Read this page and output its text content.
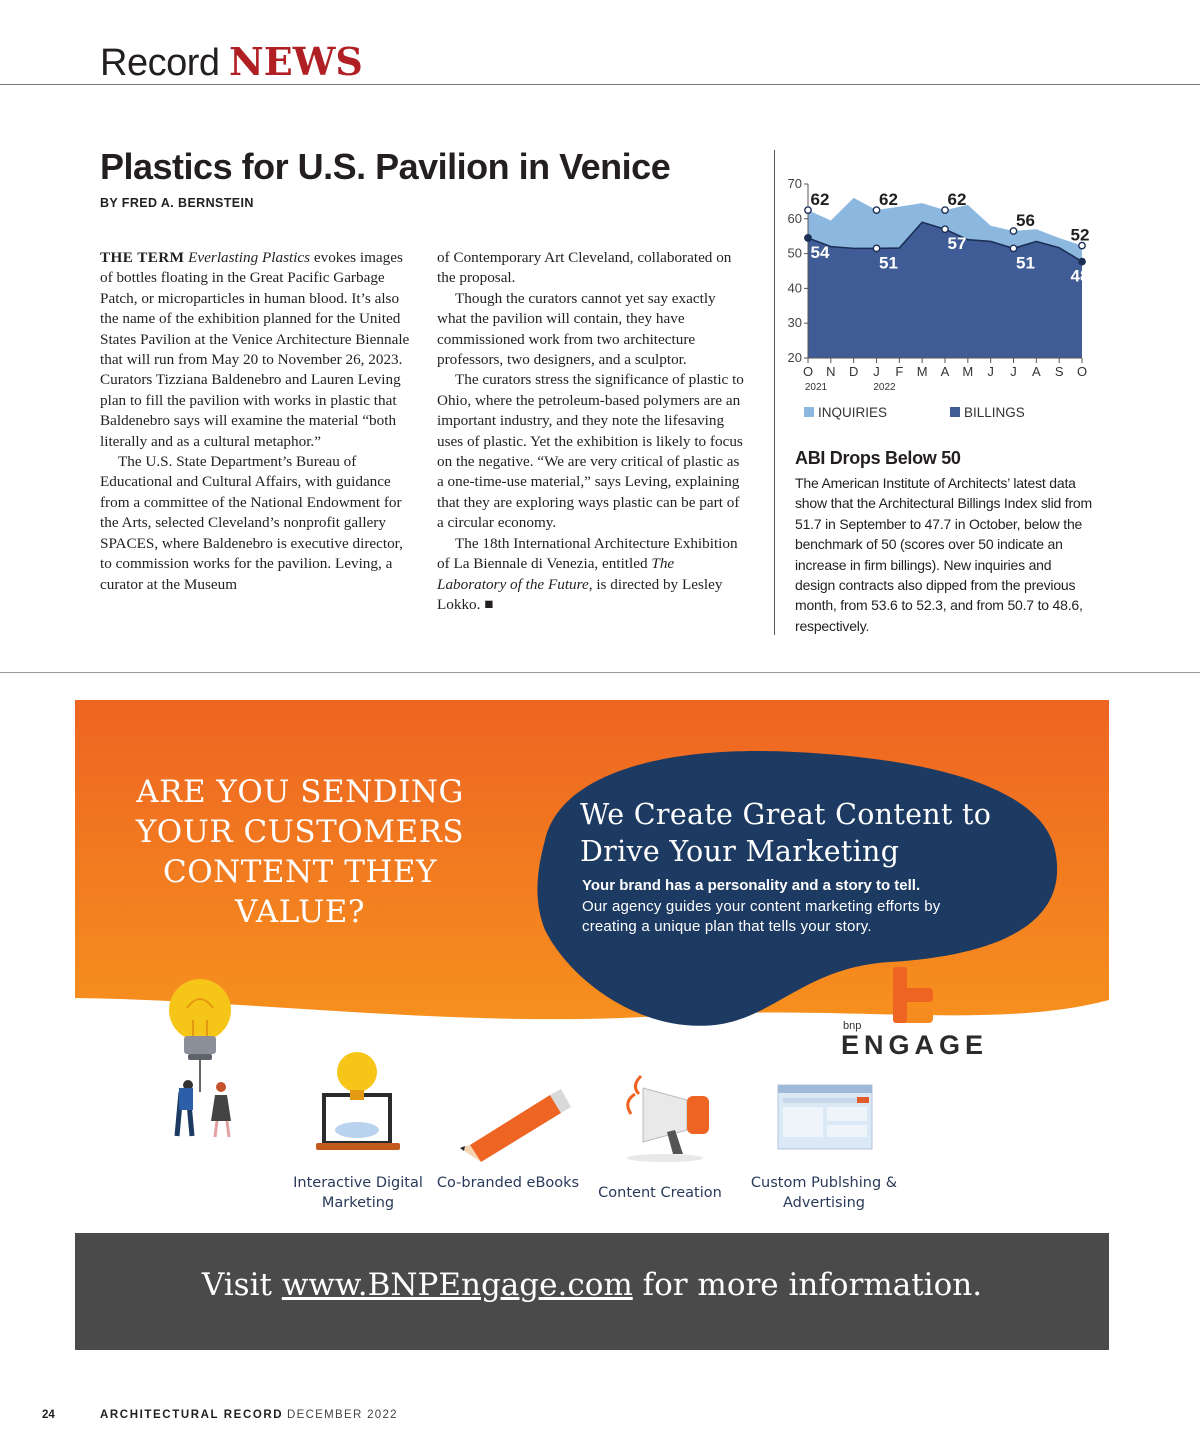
Record NEWS
Plastics for U.S. Pavilion in Venice
BY FRED A. BERNSTEIN

THE TERM Everlasting Plastics evokes images of bottles floating in the Great Pacific Garbage Patch, or microparticles in human blood. It’s also the name of the exhibition planned for the United States Pavilion at the Venice Architecture Biennale that will run from May 20 to November 26, 2023. Curators Tizziana Baldenebro and Lauren Leving plan to fill the pavilion with works in plastic that Baldenebro says will examine the material “both literally and as a cultural metaphor.”

The U.S. State Department’s Bureau of Educational and Cultural Affairs, with guidance from a committee of the National Endowment for the Arts, selected Cleveland’s nonprofit gallery SPACES, where Baldenebro is executive director, to commission works for the pavilion. Leving, a curator at the Museum

of Contemporary Art Cleveland, collaborated on the proposal.

Though the curators cannot yet say exactly what the pavilion will contain, they have commissioned work from two architecture professors, two designers, and a sculptor.

The curators stress the significance of plastic to Ohio, where the petroleum-based polymers are an important industry, and they note the lifesaving uses of plastic. Yet the exhibition is likely to focus on the negative. “We are very critical of plastic as a one-time-use material,” says Leving, explaining that they are exploring ways plastic can be part of a circular economy.

The 18th International Architecture Exhibition of La Biennale di Venezia, entitled The Laboratory of the Future, is directed by Lesley Lokko. ■

20
30
40
50
60
70
O N D J F M A M J J A S O
2021	2022
62	62	62
56
52
54
51
57
51
48
INQUIRIES	BILLINGS
ABI Drops Below 50
The American Institute of Architects’ latest data show that the Architectural Billings Index slid from 51.7 in September to 47.7 in October, below the benchmark of 50 (scores over 50 indicate an increase in firm billings). New inquiries and design contracts also dipped from the previous month, from 53.6 to 52.3, and from 50.7 to 48.6, respectively.
ARE YOU SENDING YOUR CUSTOMERS CONTENT THEY VALUE?
We Create Great Content to Drive Your Marketing
Your brand has a personality and a story to tell.
Our agency guides your content marketing efforts by creating a unique plan that tells your story.
bnp
ENGAGE
Interactive Digital Marketing
Co-branded eBooks
Content Creation
Custom Publshing & Advertising
Visit www.BNPEngage.com for more information.
24	ARCHITECTURAL RECORD DECEMBER 2022
